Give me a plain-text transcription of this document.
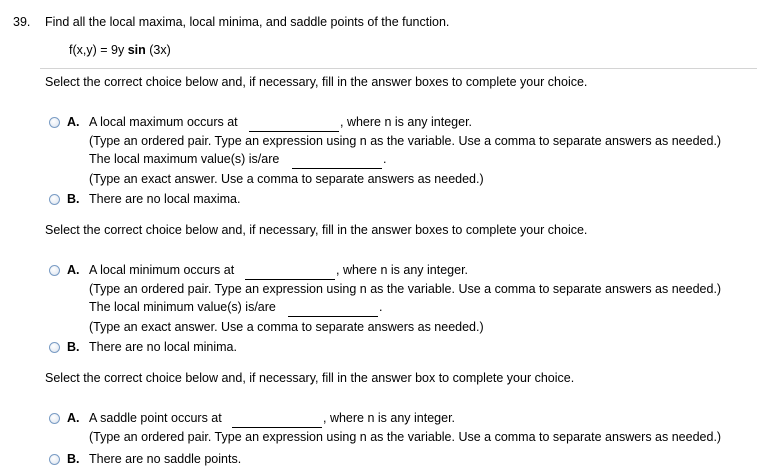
39. Find all the local maxima, local minima, and saddle points of the function.
f(x,y) = 9y sin (3x)
Select the correct choice below and, if necessary, fill in the answer boxes to complete your choice.
A. A local maximum occurs at	, where n is any integer.
(Type an ordered pair. Type an expression using n as the variable. Use a comma to separate answers as needed.)
The local maximum value(s) is/are	.
(Type an exact answer. Use a comma to separate answers as needed.)
B. There are no local maxima.
Select the correct choice below and, if necessary, fill in the answer boxes to complete your choice.
A. A local minimum occurs at	, where n is any integer.
(Type an ordered pair. Type an expression using n as the variable. Use a comma to separate answers as needed.)
The local minimum value(s) is/are	.
(Type an exact answer. Use a comma to separate answers as needed.)
B. There are no local minima.
Select the correct choice below and, if necessary, fill in the answer box to complete your choice.
A. A saddle point occurs at	, where n is any integer.
(Type an ordered pair. Type an expression using n as the variable. Use a comma to separate answers as needed.)
B. There are no saddle points.
